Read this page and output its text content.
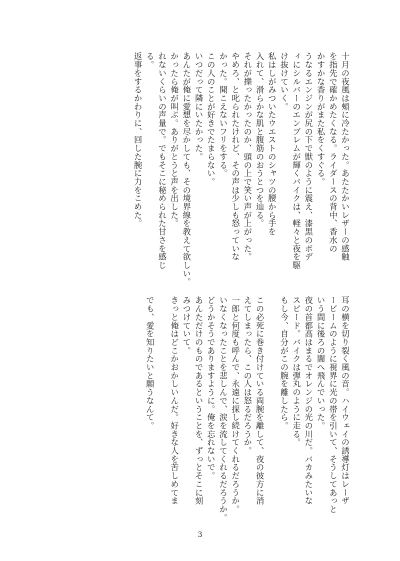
十月の夜風は頰に冷たかった。あたたかいレザーの感触

を指先で確かめたくなる。ライダースの背中、香水の

かすかな香りがまた私をくすぐる。

うなるエンジンが尻の下で獣のように震え、漆黒のボデ

ィにシルバーのエンブレムが輝くバイクは、軽々と夜を駆

け抜けていく。

私はしがみついたウエストのシャツの腰から手を

入れて、滑らかな肌と腹筋のおうとつを辿る。

それが擽ったかったのか、頭の上で笑い声が上がった。

やめろ、と叱られたけれど、その声は少しも怒っていな

かった。聞こえないフリをする。

この人のことが好きでたまらない。

いつだって隣にいたかった。

あんたが俺に愛想を尽かしても、その境界線を教えて欲しい。

かったら俺が叫ぶ。ありがとうと声を出した。

れないくらいの声量で。でもそこに秘められた甘さを感じ

る。

返事をするかわりに、回した腕に力をこめた。

耳の横を切り裂く風の音。ハイウェイの誘導灯はレーザ

ービームのように視界に光の帯を引いて、そうしてあっと

いう間に後ろの闇へ飛んでいった。

夜の首都高はまるでオレンジの光の川だ。バカみたいな

スピード。バイクは弾丸のように走る。

もし今、自分がこの腕を離したら。

この必死に巻き付けている両腕を離して、夜の彼方に消

えてしまったら、この人は怒るだろうか。

一郎と何度も呼んで、永遠に探し続けてくれるだろうか。

いなくなったことを悲しんで、涙を流してくれるだろうか。

どうかそうでありますように。俺を忘れないで。

あんただけのものであるということを、ずっとそこに刻

みつけていて。

きっと俺はどこかおかしいんだ。好きな人を苦しめてま

でも、愛を知りたいと願うなんて。

3
